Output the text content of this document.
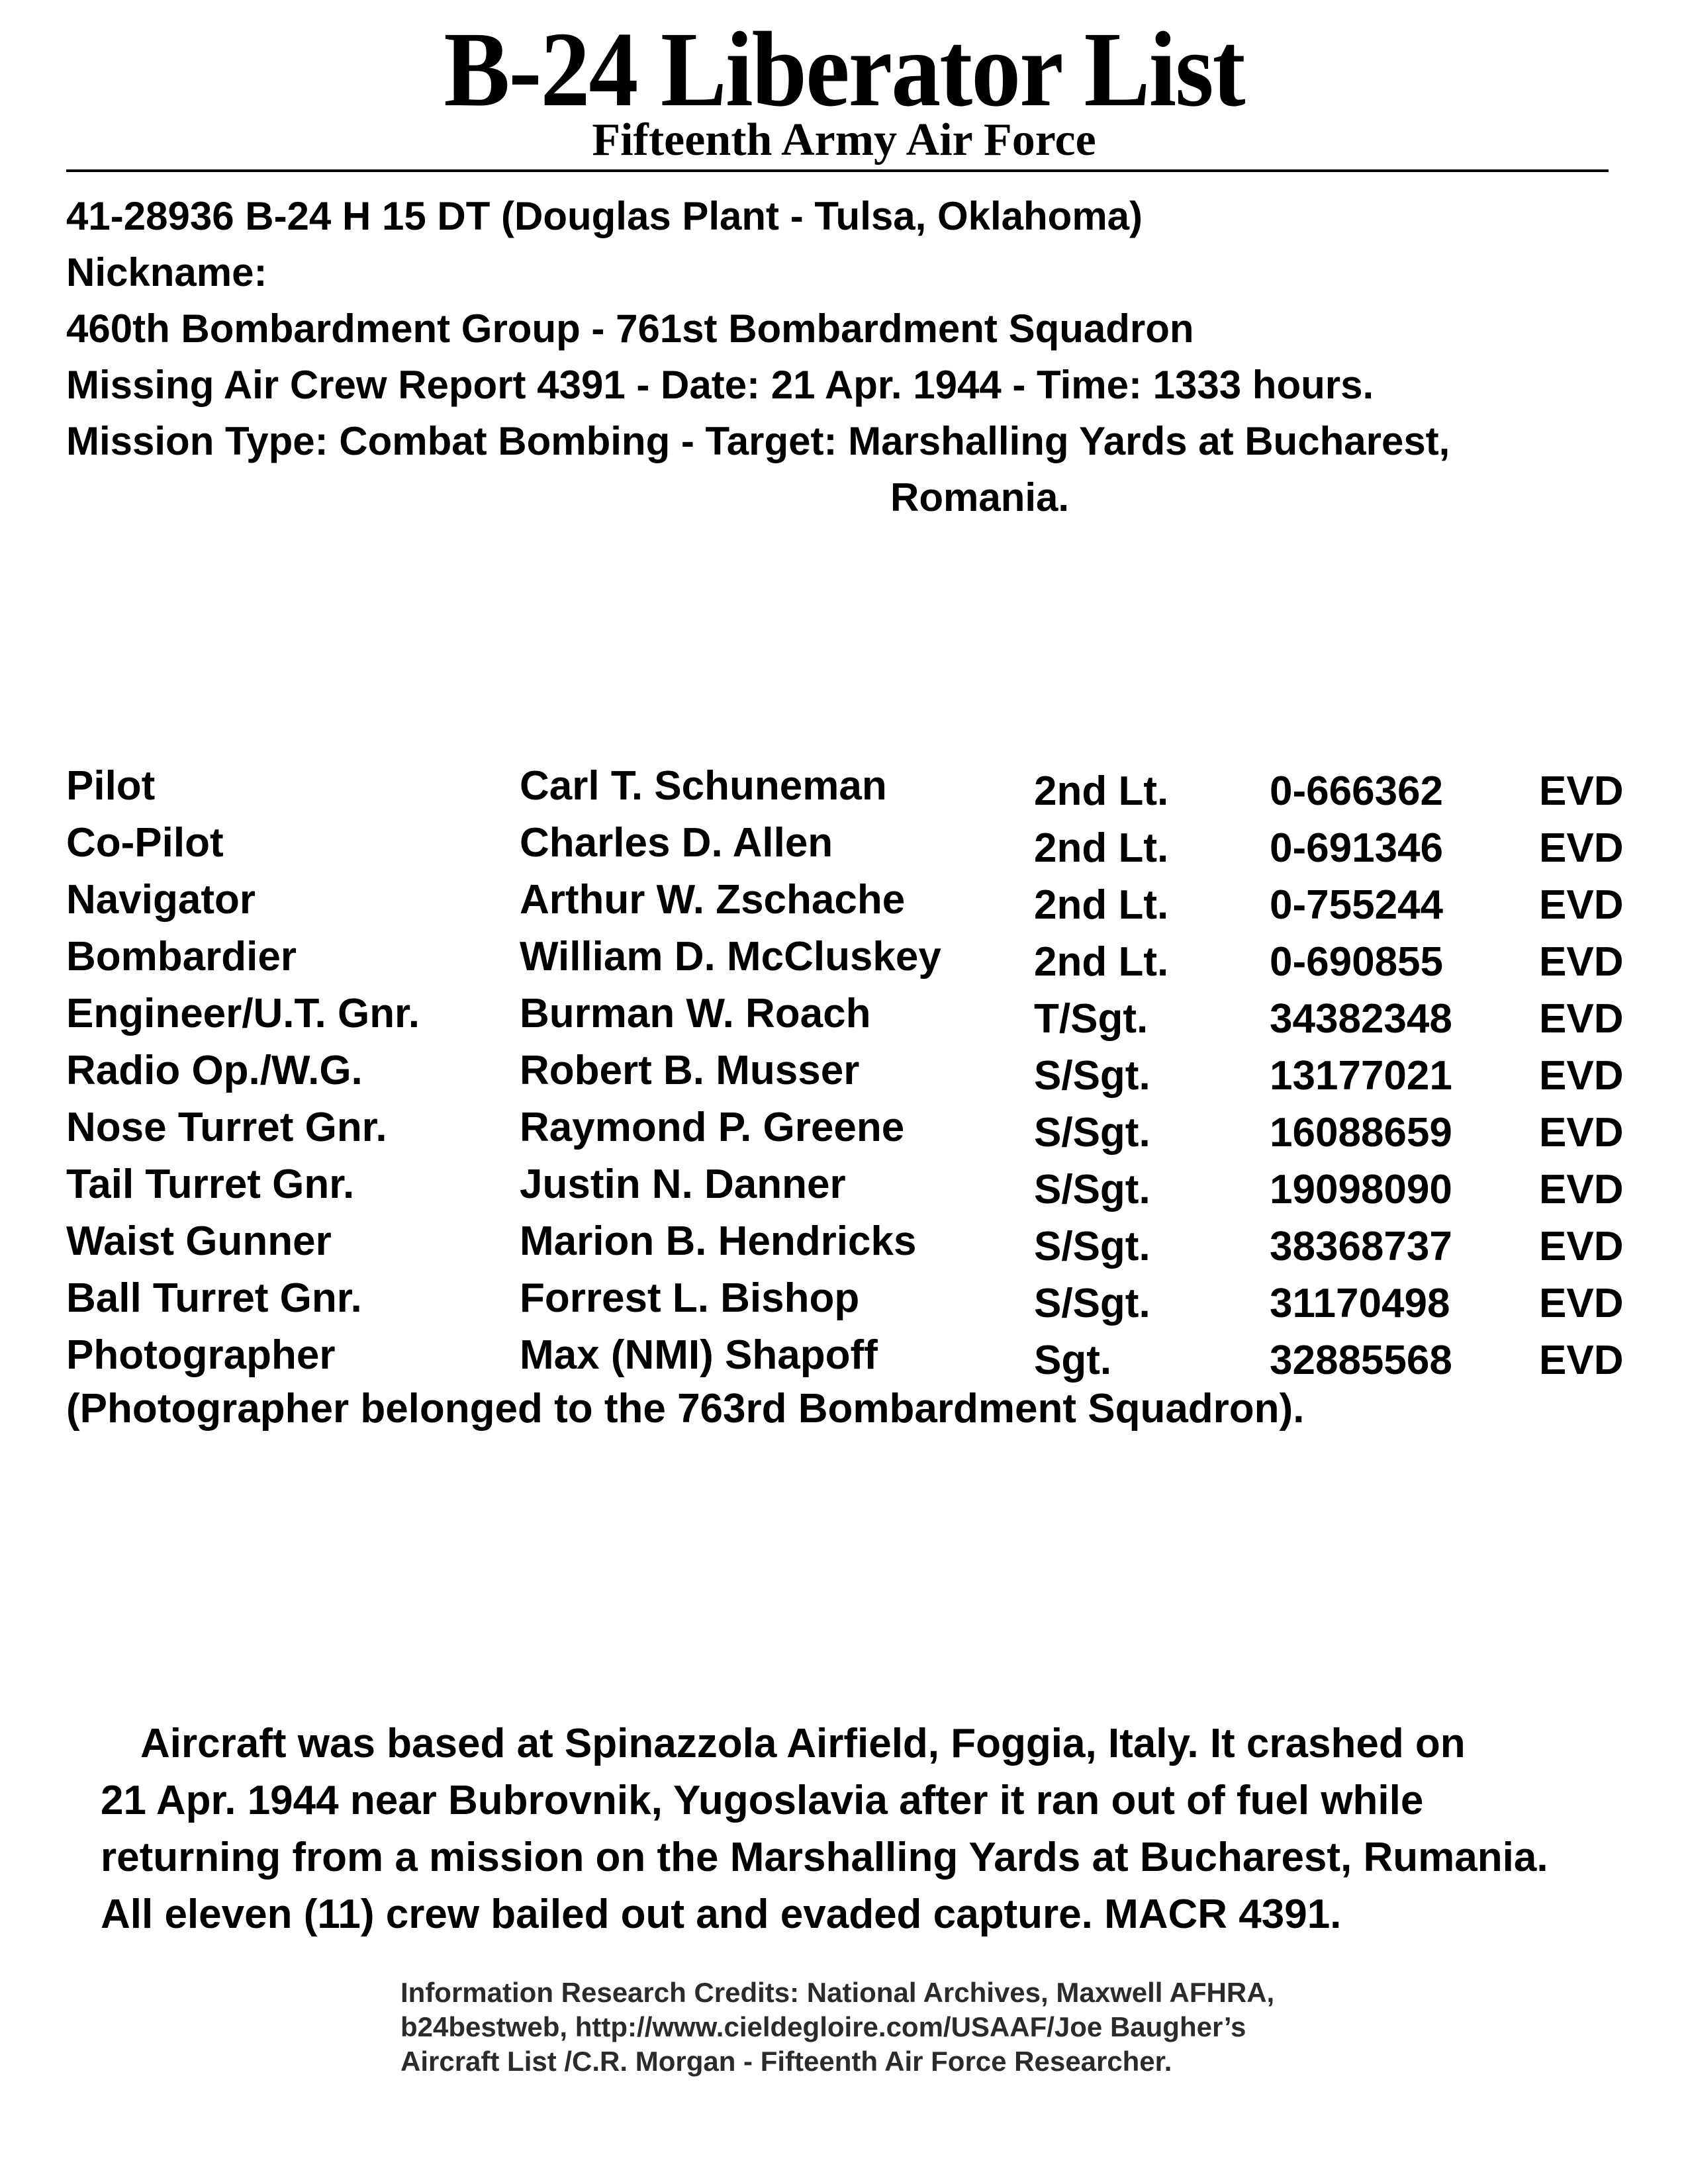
B-24 Liberator List
Fifteenth Army Air Force
41-28936 B-24 H 15 DT (Douglas Plant - Tulsa, Oklahoma)
Nickname:
460th Bombardment Group - 761st Bombardment Squadron
Missing Air Crew Report 4391 - Date: 21 Apr. 1944 - Time: 1333 hours.
Mission Type: Combat Bombing - Target: Marshalling Yards at Bucharest,
Romania.
Pilot	Carl T. Schuneman	2nd Lt. 0-666362 EVD
Co-Pilot	Charles D. Allen	2nd Lt. 0-691346 EVD
Navigator	Arthur W. Zschache	2nd Lt. 0-755244 EVD
Bombardier	William D. McCluskey 2nd Lt. 0-690855 EVD
Engineer/U.T. Gnr. Burman W. Roach	T/Sgt.	34382348 EVD
Radio Op./W.G.	Robert B. Musser	S/Sgt.	13177021 EVD
Nose Turret Gnr.	Raymond P. Greene	S/Sgt.	16088659 EVD
Tail Turret Gnr.	Justin N. Danner	S/Sgt.	19098090 EVD
Waist Gunner	Marion B. Hendricks	S/Sgt.	38368737 EVD
Ball Turret Gnr.	Forrest L. Bishop	S/Sgt.	31170498 EVD
Photographer	Max (NMI) Shapoff	Sgt.	32885568 EVD
(Photographer belonged to the 763rd Bombardment Squadron).
Aircraft was based at Spinazzola Airfield, Foggia, Italy. It crashed on
21 Apr. 1944 near Bubrovnik, Yugoslavia after it ran out of fuel while
returning from a mission on the Marshalling Yards at Bucharest, Rumania.
All eleven (11) crew bailed out and evaded capture. MACR 4391.
Information Research Credits: National Archives, Maxwell AFHRA,
b24bestweb, http://www.cieldegloire.com/USAAF/Joe Baugher’s
Aircraft List /C.R. Morgan - Fifteenth Air Force Researcher.
